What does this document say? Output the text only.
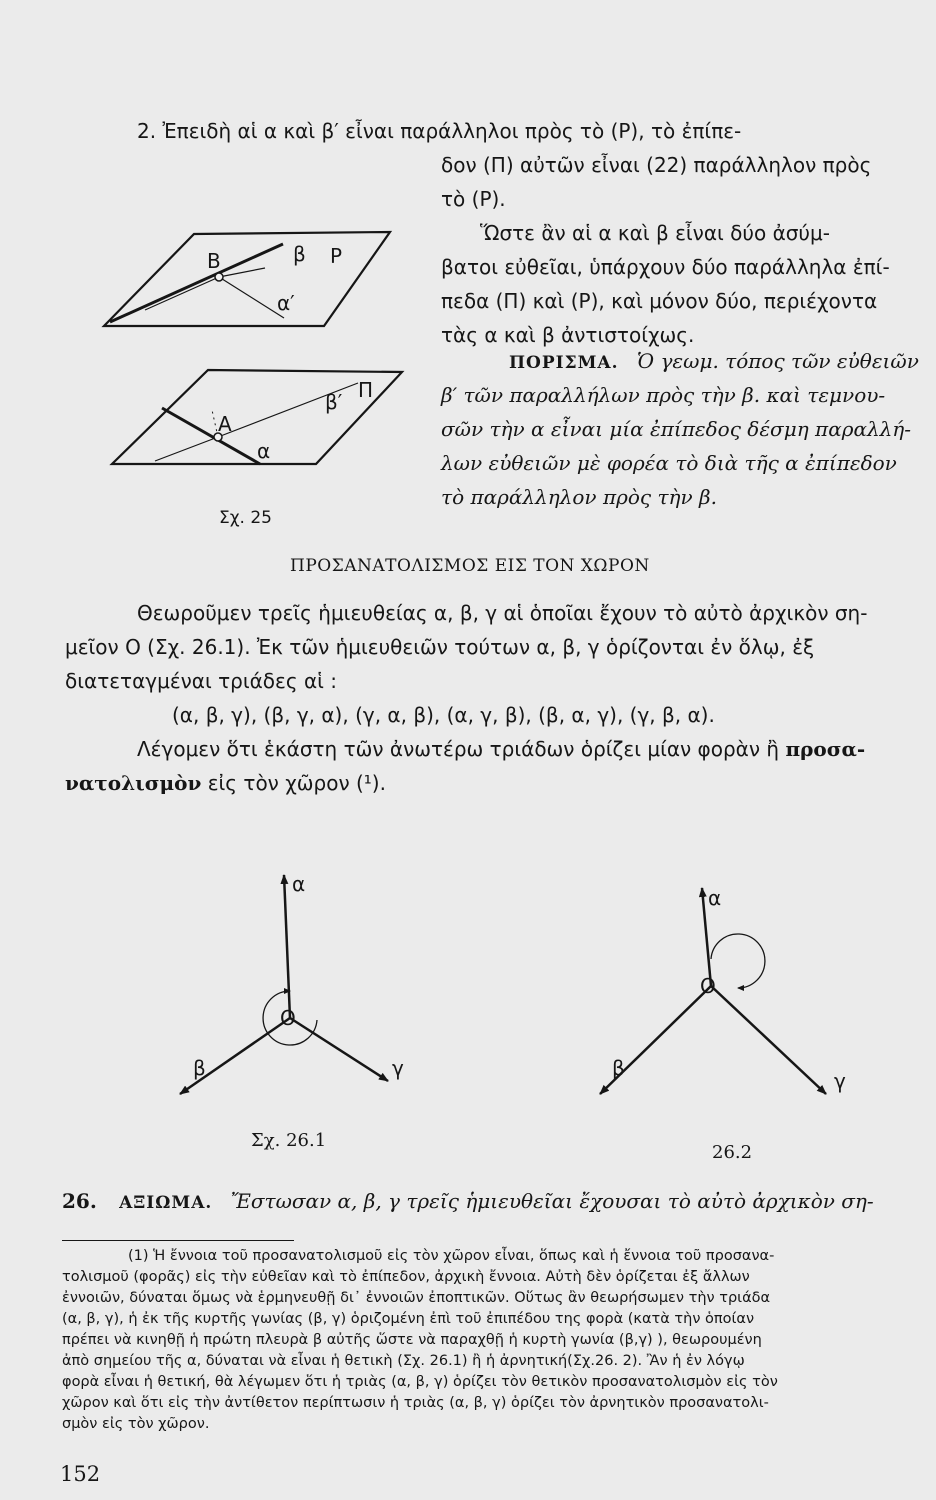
2. Ἐπειδὴ αἱ α καὶ β′ εἶναι παράλληλοι πρὸς τὸ (Ρ), τὸ ἐπίπε-
δον (Π) αὐτῶν εἶναι (22) παράλληλον πρὸς
τὸ (Ρ).
Ὥστε ἂν αἱ α καὶ β εἶναι δύο ἀσύμ-
βατοι εὐθεῖαι, ὑπάρχουν δύο παράλληλα ἐπί-
πεδα (Π) καὶ (Ρ), καὶ μόνον δύο, περιέχοντα
τὰς α καὶ β ἀντιστοίχως.
ΠΟΡΙΣΜΑ. Ὁ γεωμ. τόπος τῶν εὐθειῶν
β′ τῶν παραλλήλων πρὸς τὴν β. καὶ τεμνου-
σῶν τὴν α εἶναι μία ἐπίπεδος δέσμη παραλλή-
λων εὐθειῶν μὲ φορέα τὸ διὰ τῆς α ἐπίπεδον
τὸ παράλληλον πρὸς τὴν β.
Β	β Ρ
α′
β′ Π
Α
α
Σχ. 25
ΠΡΟΣΑΝΑΤΟΛΙΣΜΟΣ ΕΙΣ ΤΟΝ ΧΩΡΟΝ
Θεωροῦμεν τρεῖς ἡμιευθείας α, β, γ αἱ ὁποῖαι ἔχουν τὸ αὐτὸ ἀρχικὸν ση-
μεῖον Ο (Σχ. 26.1). Ἐκ τῶν ἡμιευθειῶν τούτων α, β, γ ὁρίζονται ἐν ὅλῳ, ἐξ
διατεταγμέναι τριάδες αἱ :
(α, β, γ), (β, γ, α), (γ, α, β), (α, γ, β), (β, α, γ), (γ, β, α).
Λέγομεν ὅτι ἑκάστη τῶν ἀνωτέρω τριάδων ὁρίζει μίαν φορὰν ἢ προσα-
νατολισμὸν εἰς τὸν χῶρον (¹).
O
α
β	γ
O
α
β
γ
Σχ. 26.1
26.2
26. ΑΞΙΩΜΑ. Ἔστωσαν α, β, γ τρεῖς ἡμιευθεῖαι ἔχουσαι τὸ αὐτὸ ἀρχικὸν ση-
(1) Ἡ ἔννοια τοῦ προσανατολισμοῦ εἰς τὸν χῶρον εἶναι, ὅπως καὶ ἡ ἔννοια τοῦ προσανα-
τολισμοῦ (φορᾶς) εἰς τὴν εὐθεῖαν καὶ τὸ ἐπίπεδον, ἀρχικὴ ἔννοια. Αὐτὴ δὲν ὁρίζεται ἐξ ἄλλων
ἐννοιῶν, δύναται ὅμως νὰ ἑρμηνευθῇ δι᾽ ἐννοιῶν ἐποπτικῶν. Οὕτως ἂν θεωρήσωμεν τὴν τριάδα
(α, β, γ), ἡ ἐκ τῆς κυρτῆς γωνίας (β, γ) ὁριζομένη ἐπὶ τοῦ ἐπιπέδου της φορὰ (κατὰ τὴν ὁποίαν
πρέπει νὰ κινηθῇ ἡ πρώτη πλευρὰ β αὐτῆς ὥστε νὰ παραχθῇ ἡ κυρτὴ γωνία (β,γ) ), θεωρουμένη
ἀπὸ σημείου τῆς α, δύναται νὰ εἶναι ἡ θετικὴ (Σχ. 26.1) ἢ ἡ ἀρνητική(Σχ.26. 2). Ἂν ἡ ἐν λόγῳ
φορὰ εἶναι ἡ θετική, θὰ λέγωμεν ὅτι ἡ τριὰς (α, β, γ) ὁρίζει τὸν θετικὸν προσανατολισμὸν εἰς τὸν
χῶρον καὶ ὅτι εἰς τὴν ἀντίθετον περίπτωσιν ἡ τριὰς (α, β, γ) ὁρίζει τὸν ἀρνητικὸν προσανατολι-
σμὸν εἰς τὸν χῶρον.
152
